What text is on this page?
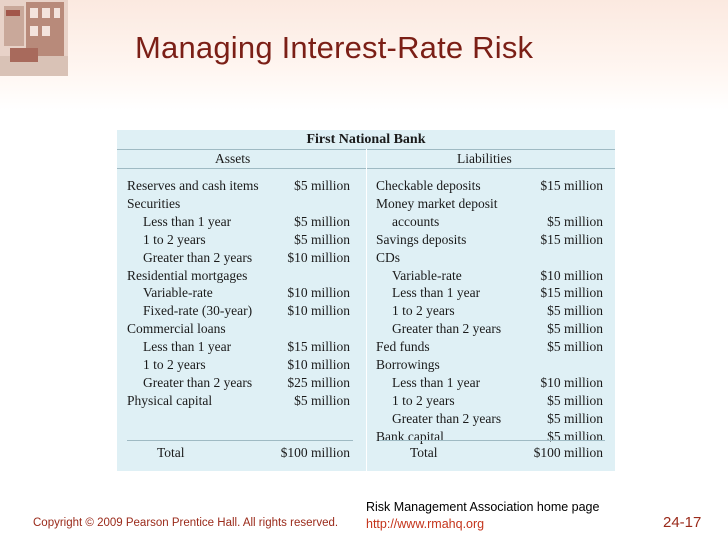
Managing Interest-Rate Risk
First National Bank
Assets	Liabilities
Reserves and cash items	$5 million
Securities
Less than 1 year	$5 million
1 to 2 years	$5 million
Greater than 2 years	$10 million
Residential mortgages
Variable-rate	$10 million
Fixed-rate (30-year)	$10 million
Commercial loans
Less than 1 year	$15 million
1 to 2 years	$10 million
Greater than 2 years	$25 million
Physical capital	$5 million
Checkable deposits	$15 million
Money market deposit
accounts	$5 million
Savings deposits	$15 million
CDs
Variable-rate	$10 million
Less than 1 year	$15 million
1 to 2 years	$5 million
Greater than 2 years	$5 million
Fed funds	$5 million
Borrowings
Less than 1 year	$10 million
1 to 2 years	$5 million
Greater than 2 years	$5 million
Bank capital	$5 million
Total	$100 million	Total	$100 million
Copyright © 2009 Pearson Prentice Hall. All rights reserved.
Risk Management Association home page
http://www.rmahq.org	24-17
